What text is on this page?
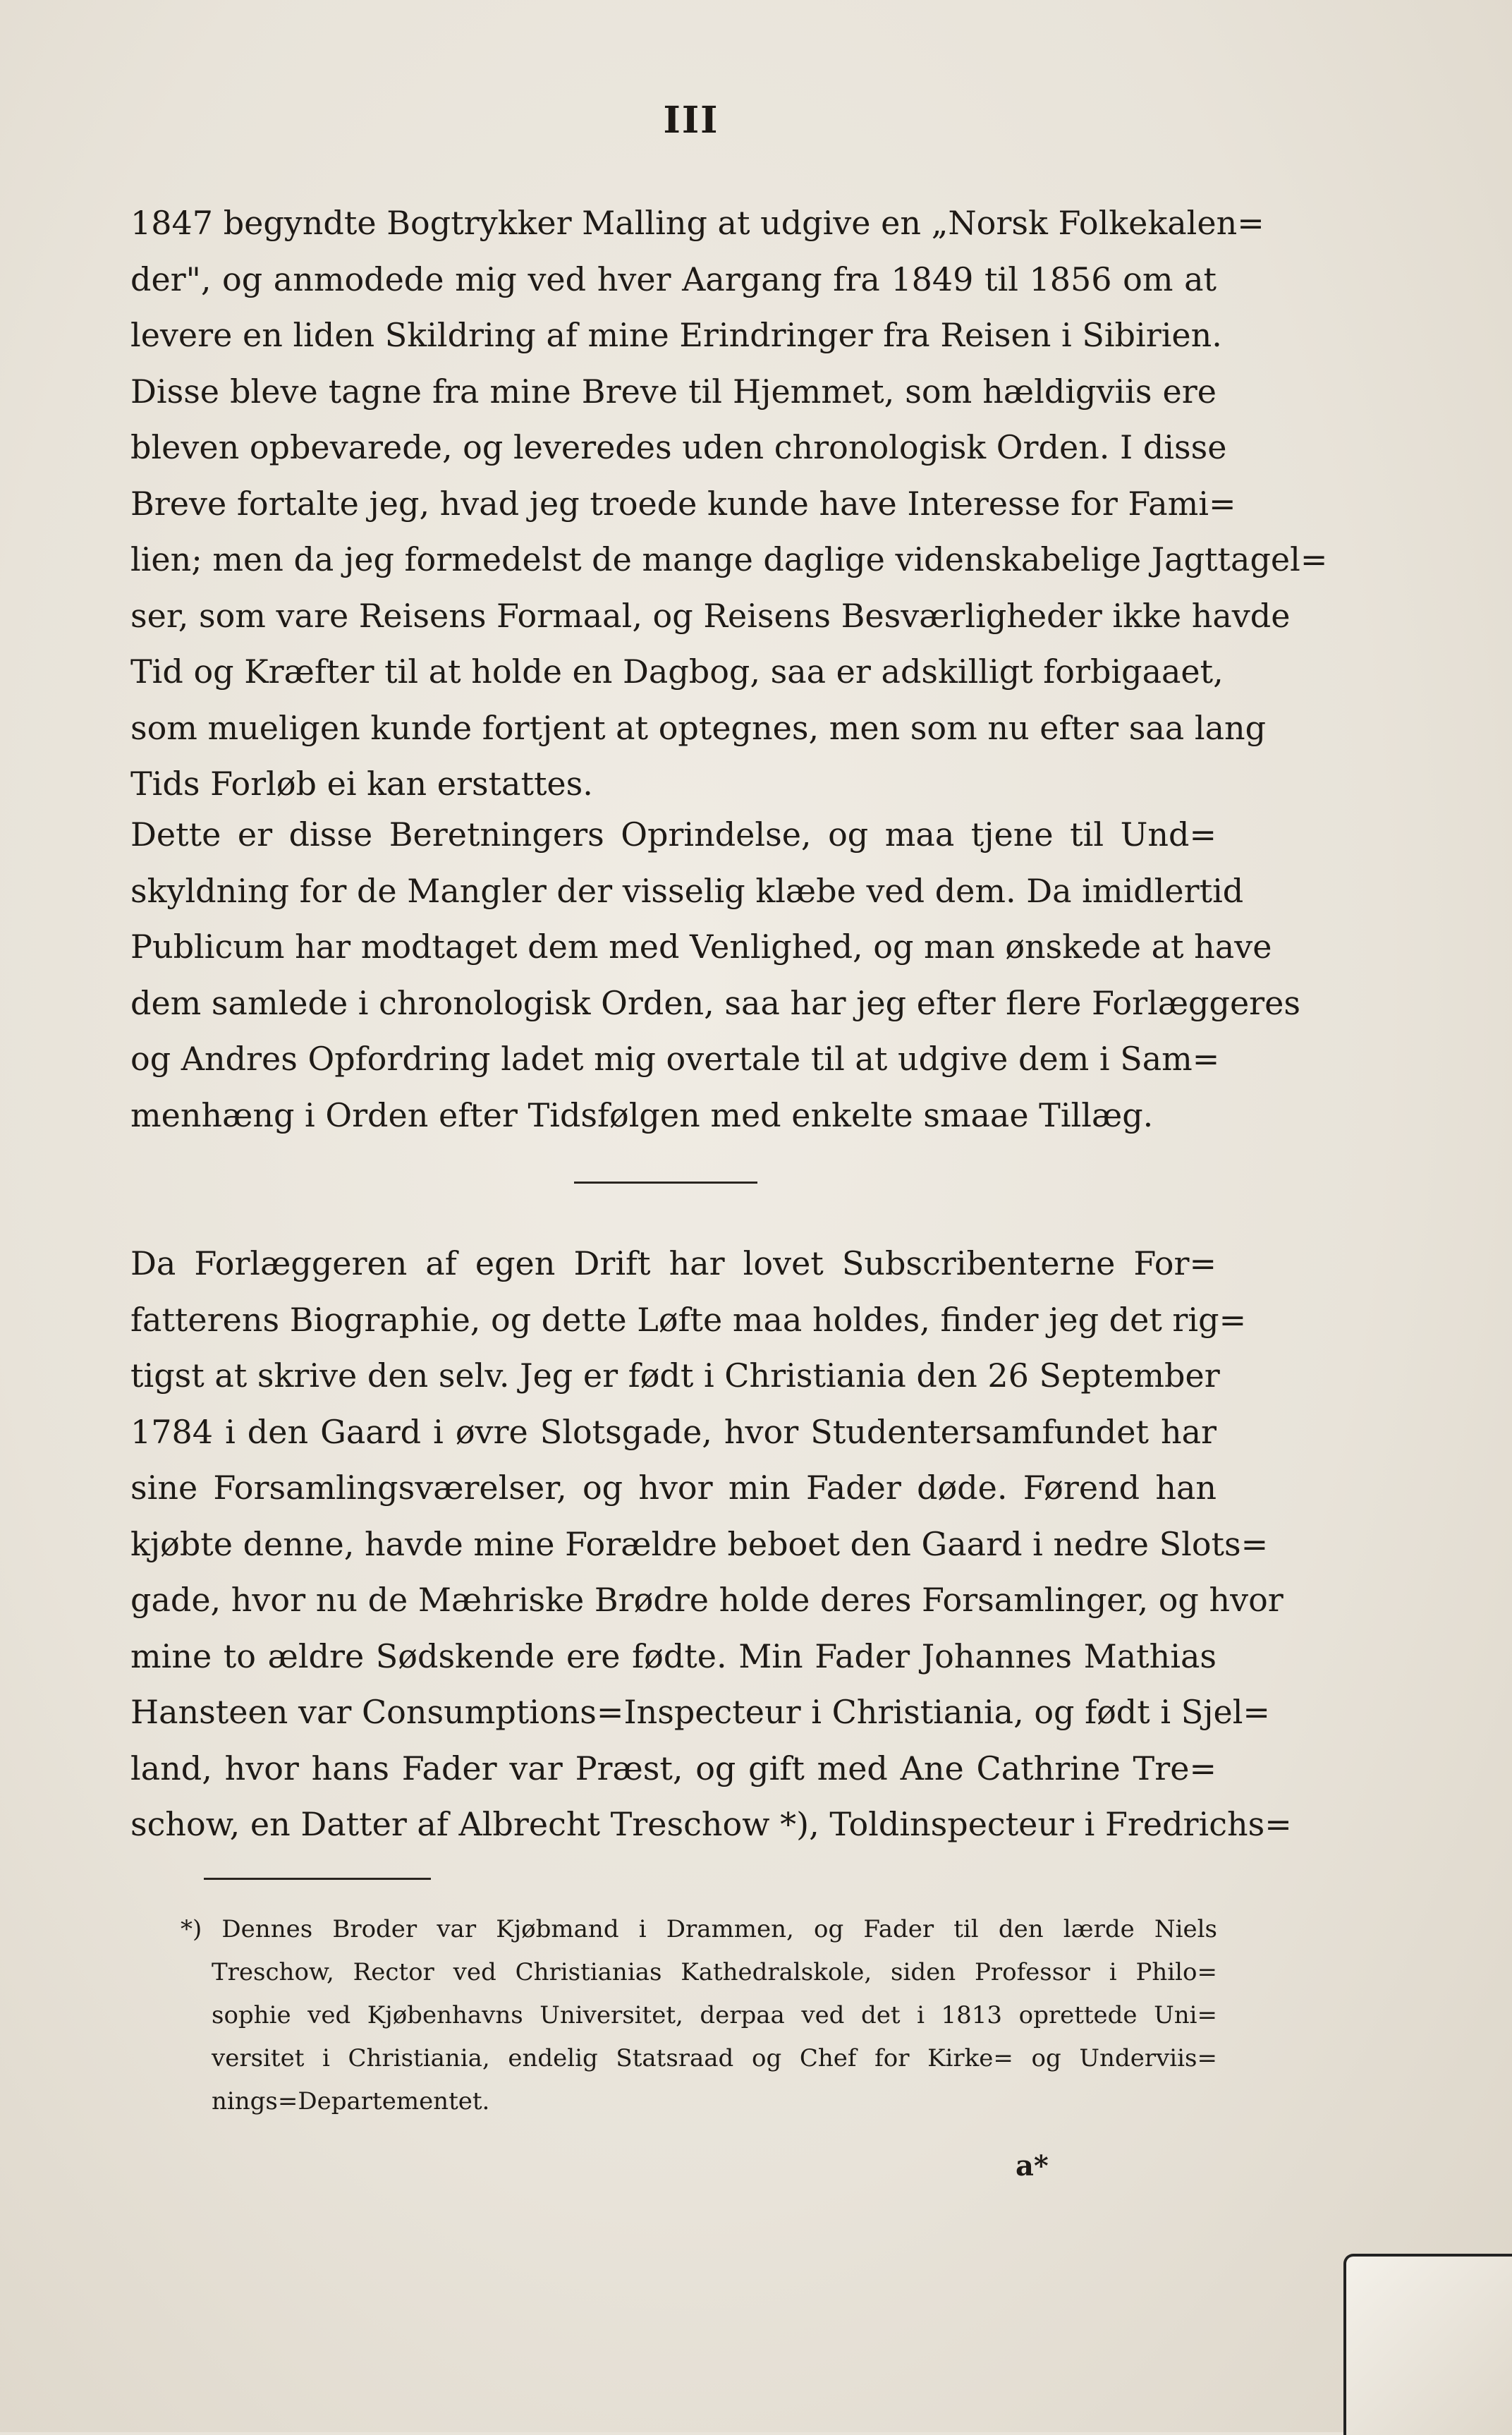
III
1847 begyndte Bogtrykker Malling at udgive en „Norsk Folkekalen=
der", og anmodede mig ved hver Aargang fra 1849 til 1856 om at
levere en liden Skildring af mine Erindringer fra Reisen i Sibirien.
Disse bleve tagne fra mine Breve til Hjemmet, som hældigviis ere
bleven opbevarede, og leveredes uden chronologisk Orden. I disse
Breve fortalte jeg, hvad jeg troede kunde have Interesse for Fami=
lien; men da jeg formedelst de mange daglige videnskabelige Jagttagel=
ser, som vare Reisens Formaal, og Reisens Besværligheder ikke havde
Tid og Kræfter til at holde en Dagbog, saa er adskilligt forbigaaet,
som mueligen kunde fortjent at optegnes, men som nu efter saa lang
Tids Forløb ei kan erstattes.
Dette er disse Beretningers Oprindelse, og maa tjene til Und=
skyldning for de Mangler der visselig klæbe ved dem. Da imidlertid
Publicum har modtaget dem med Venlighed, og man ønskede at have
dem samlede i chronologisk Orden, saa har jeg efter flere Forlæggeres
og Andres Opfordring ladet mig overtale til at udgive dem i Sam=
menhæng i Orden efter Tidsfølgen med enkelte smaae Tillæg.
Da Forlæggeren af egen Drift har lovet Subscribenterne For=
fatterens Biographie, og dette Løfte maa holdes, finder jeg det rig=
tigst at skrive den selv. Jeg er født i Christiania den 26 September
1784 i den Gaard i øvre Slotsgade, hvor Studentersamfundet har
sine Forsamlingsværelser, og hvor min Fader døde. Førend han
kjøbte denne, havde mine Forældre beboet den Gaard i nedre Slots=
gade, hvor nu de Mæhriske Brødre holde deres Forsamlinger, og hvor
mine to ældre Sødskende ere fødte. Min Fader Johannes Mathias
Hansteen var Consumptions=Inspecteur i Christiania, og født i Sjel=
land, hvor hans Fader var Præst, og gift med Ane Cathrine Tre=
schow, en Datter af Albrecht Treschow *), Toldinspecteur i Fredrichs=
*) Dennes Broder var Kjøbmand i Drammen, og Fader til den lærde Niels
Treschow, Rector ved Christianias Kathedralskole, siden Professor i Philo=
sophie ved Kjøbenhavns Universitet, derpaa ved det i 1813 oprettede Uni=
versitet i Christiania, endelig Statsraad og Chef for Kirke= og Underviis=
nings=Departementet.
a*
